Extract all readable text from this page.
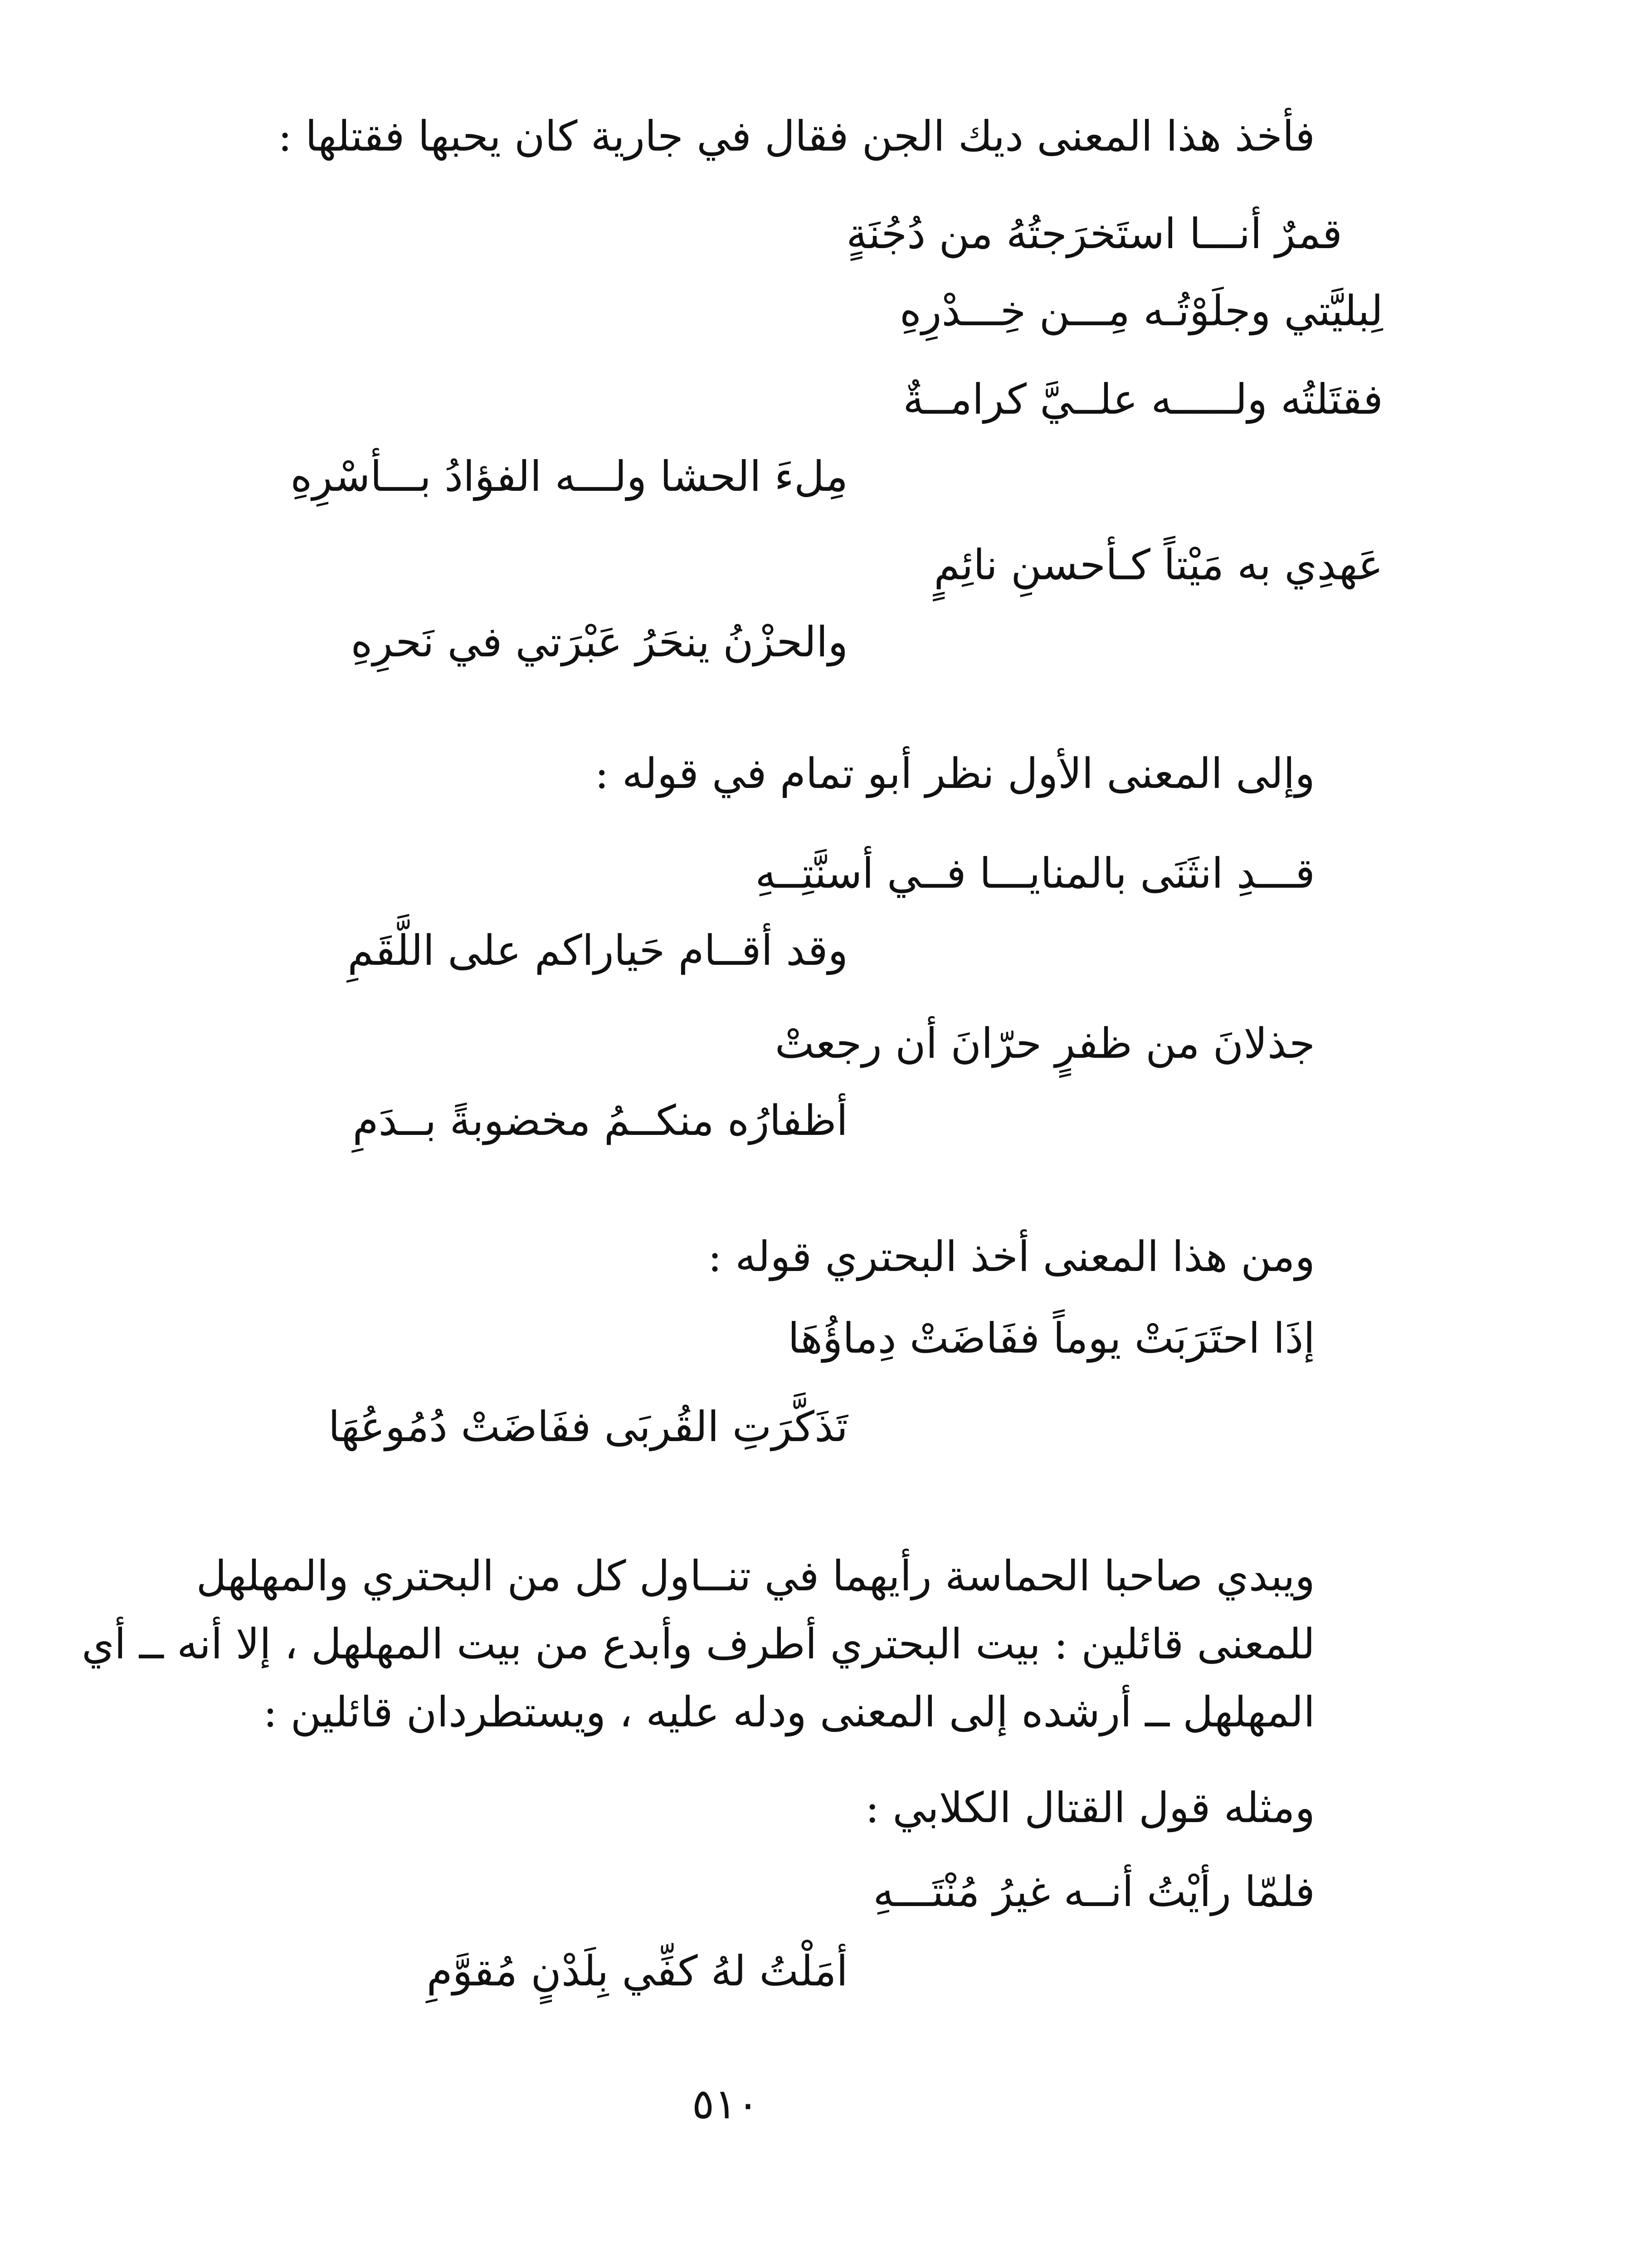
فأخذ هذا المعنى ديك الجن فقال في جارية كان يحبها فقتلها :
قمرٌ أنـــا استَخرَجتُهُ من دُجُنَةٍ
لِبليَّتي وجلَوْتُـه مِـــن خِـــدْرِهِ
فقتَلتُه ولـــــه علــيَّ كرامــةٌ
مِلءَ الحشا ولـــه الفؤادُ بـــأسْرِهِ
عَهدِي به مَيْتاً كـأحسنِ نائِمٍ
والحزْنُ ينحَرُ عَبْرَتي في نَحرِهِ
وإلى المعنى الأول نظر أبو تمام في قوله :
قـــدِ انثَنَى بالمنايـــا فــي أسنَّتِــهِ
وقد أقــام حَياراكم على اللَّقَمِ
جذلانَ من ظفرٍ حرّانَ أن رجعتْ
أظفارُه منكــمُ مخضوبةً بــدَمِ
ومن هذا المعنى أخذ البحتري قوله :
إذَا احتَرَبَتْ يوماً ففَاضَتْ دِماؤُهَا
تَذَكَّرَتِ القُربَى ففَاضَتْ دُمُوعُهَا
ويبدي صاحبا الحماسة رأيهما في تنــاول كل من البحتري والمهلهل
للمعنى قائلين : بيت البحتري أطرف وأبدع من بيت المهلهل ، إلا أنه ــ أي
المهلهل ــ أرشده إلى المعنى ودله عليه ، ويستطردان قائلين :
ومثله قول القتال الكلابي :
فلمّا رأيْتُ أنــه غيرُ مُنْتَـــهِ
أمَلْتُ لهُ كفِّي بِلَدْنٍ مُقوَّمِ
٥١٠
